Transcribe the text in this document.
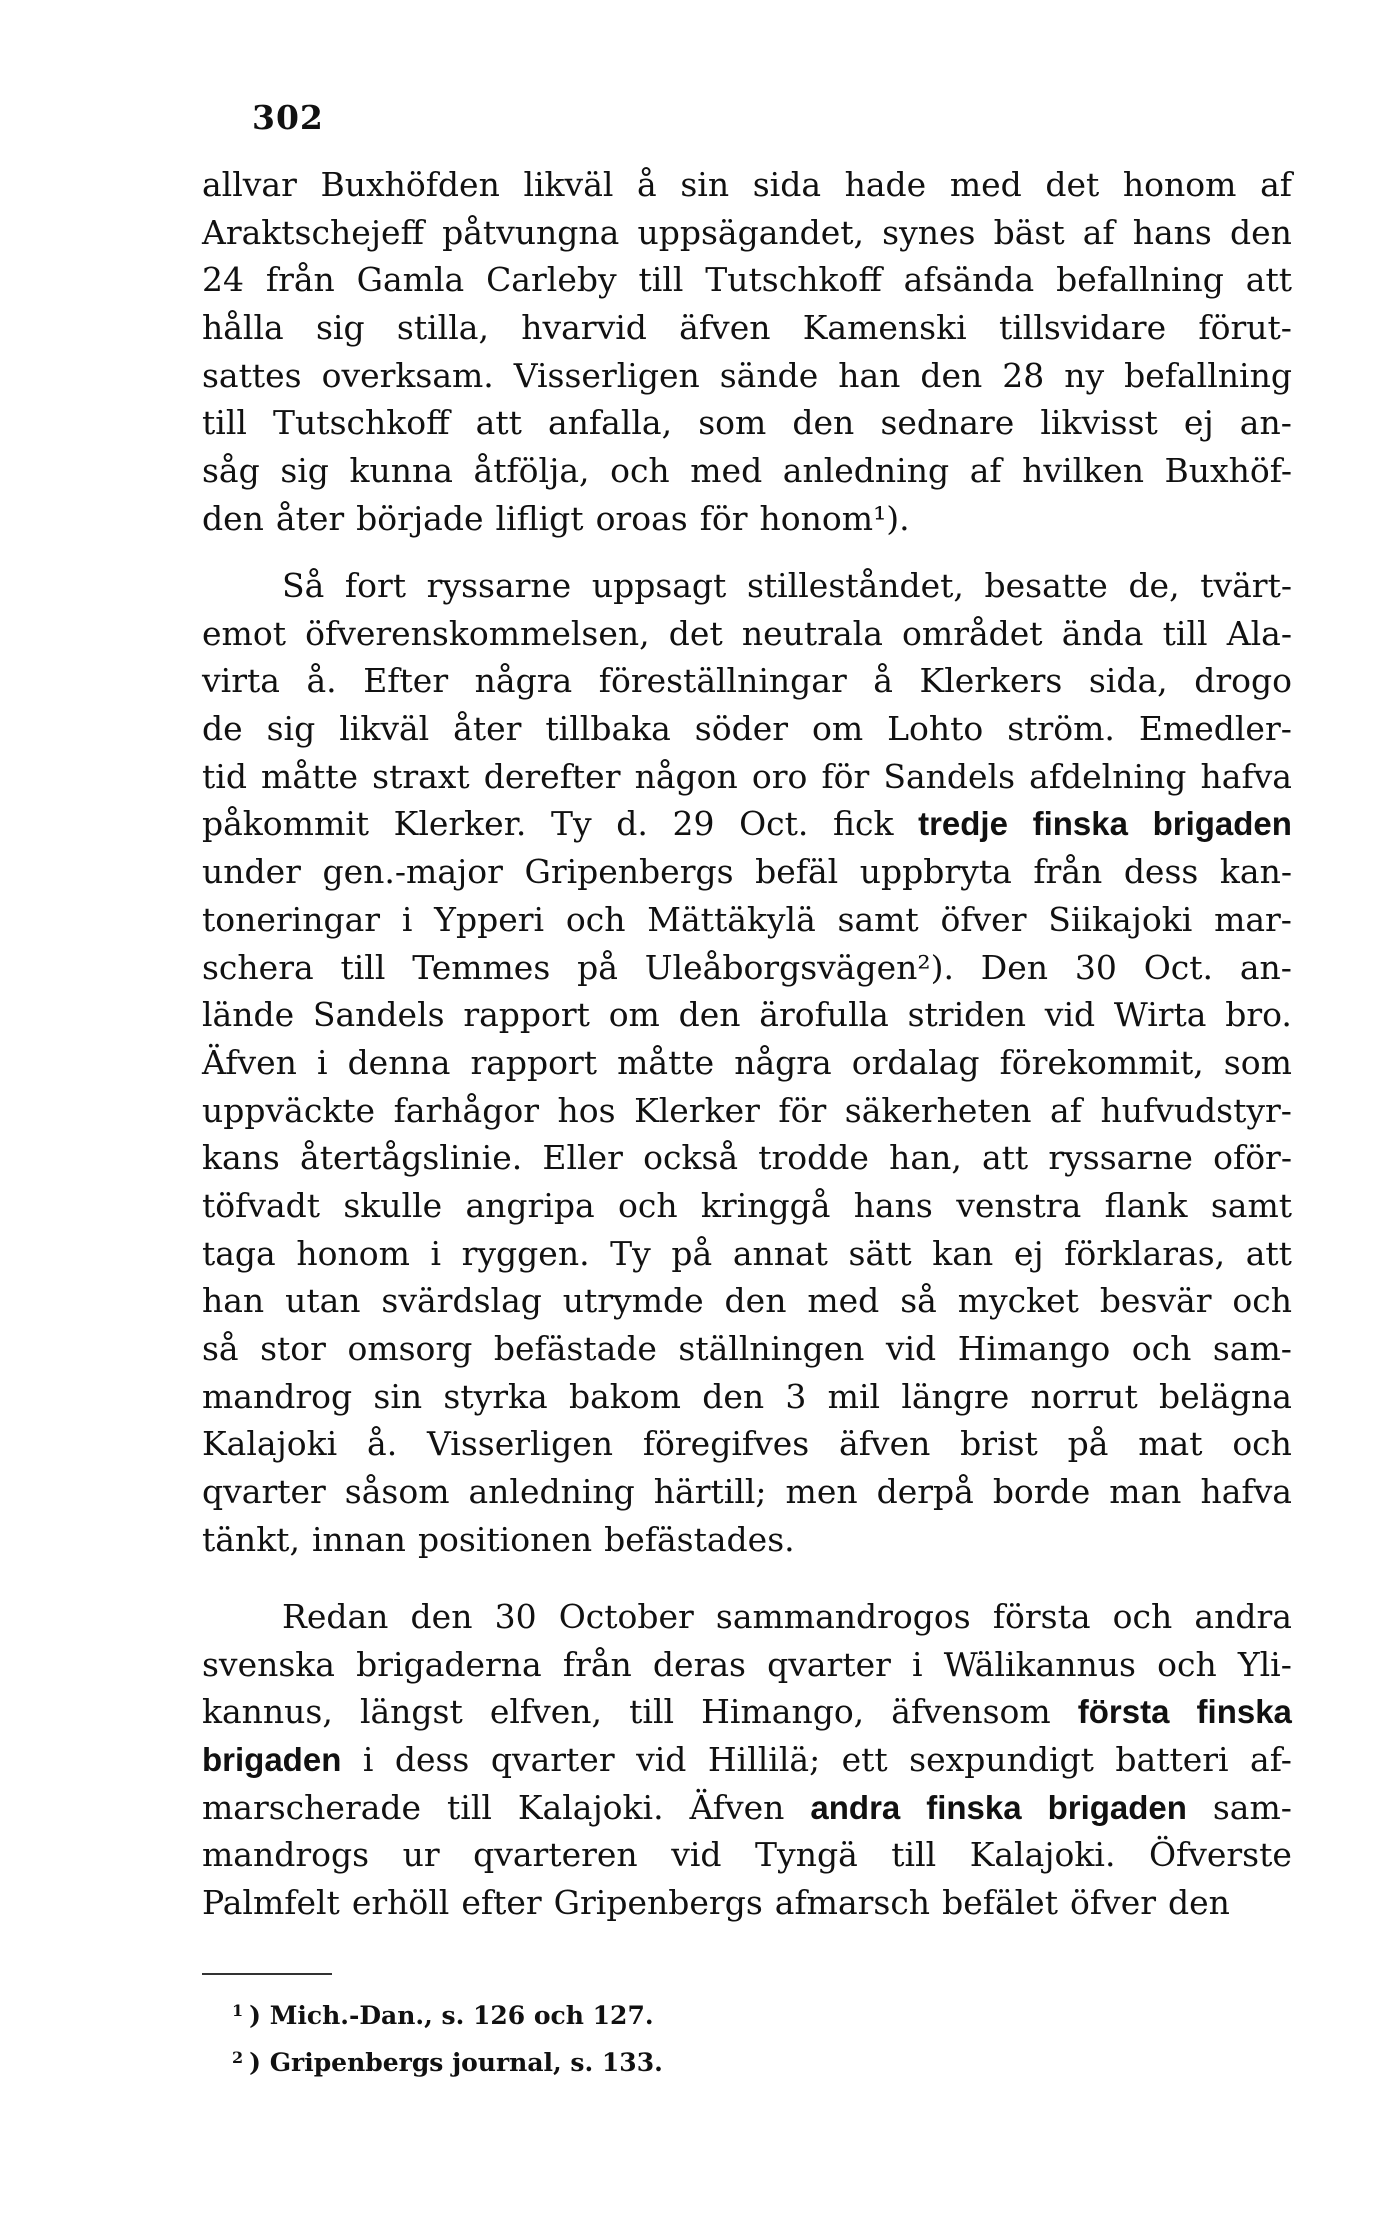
302
allvar Buxhöfden likväl å sin sida hade med det honom af
Araktschejeff påtvungna uppsägandet, synes bäst af hans den
24 från Gamla Carleby till Tutschkoff afsända befallning att
hålla sig stilla, hvarvid äfven Kamenski tillsvidare förut-
sattes overksam. Visserligen sände han den 28 ny befallning
till Tutschkoff att anfalla, som den sednare likvisst ej an-
såg sig kunna åtfölja, och med anledning af hvilken Buxhöf-
den åter började lifligt oroas för honom¹).
Så fort ryssarne uppsagt stilleståndet, besatte de, tvärt-
emot öfverenskommelsen, det neutrala området ända till Ala-
virta å. Efter några föreställningar å Klerkers sida, drogo
de sig likväl åter tillbaka söder om Lohto ström. Emedler-
tid måtte straxt derefter någon oro för Sandels afdelning hafva
påkommit Klerker. Ty d. 29 Oct. fick tredje finska brigaden
under gen.-major Gripenbergs befäl uppbryta från dess kan-
toneringar i Ypperi och Mättäkylä samt öfver Siikajoki mar-
schera till Temmes på Uleåborgsvägen²). Den 30 Oct. an-
lände Sandels rapport om den ärofulla striden vid Wirta bro.
Äfven i denna rapport måtte några ordalag förekommit, som
uppväckte farhågor hos Klerker för säkerheten af hufvudstyr-
kans återtågslinie. Eller också trodde han, att ryssarne oför-
töfvadt skulle angripa och kringgå hans venstra flank samt
taga honom i ryggen. Ty på annat sätt kan ej förklaras, att
han utan svärdslag utrymde den med så mycket besvär och
så stor omsorg befästade ställningen vid Himango och sam-
mandrog sin styrka bakom den 3 mil längre norrut belägna
Kalajoki å. Visserligen föregifves äfven brist på mat och
qvarter såsom anledning härtill; men derpå borde man hafva
tänkt, innan positionen befästades.
Redan den 30 October sammandrogos första och andra
svenska brigaderna från deras qvarter i Wälikannus och Yli-
kannus, längst elfven, till Himango, äfvensom första finska
brigaden i dess qvarter vid Hillilä; ett sexpundigt batteri af-
marscherade till Kalajoki. Äfven andra finska brigaden sam-
mandrogs ur qvarteren vid Tyngä till Kalajoki. Öfverste
Palmfelt erhöll efter Gripenbergs afmarsch befälet öfver den
$^1$ ) Mich.-Dan., s. 126 och 127.
$^2$ ) Gripenbergs journal, s. 133.
